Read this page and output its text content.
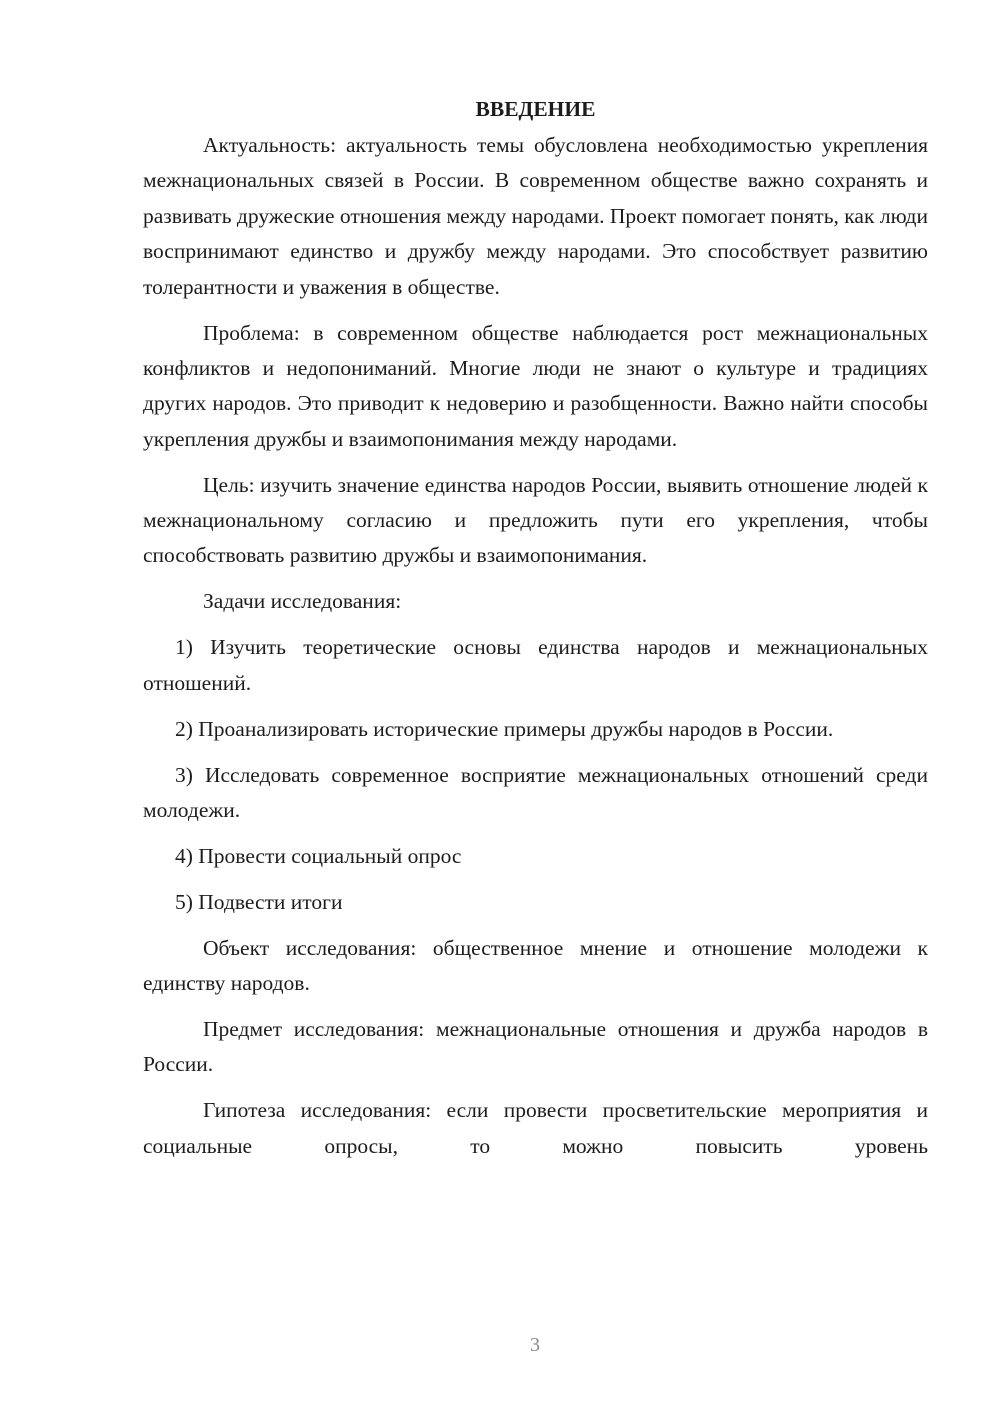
ВВЕДЕНИЕ

Актуальность: актуальность темы обусловлена необходимостью укрепления межнациональных связей в России. В современном обществе важно сохранять и развивать дружеские отношения между народами. Проект помогает понять, как люди воспринимают единство и дружбу между народами. Это способствует развитию толерантности и уважения в обществе.

Проблема: в современном обществе наблюдается рост межнациональных конфликтов и недопониманий. Многие люди не знают о культуре и традициях других народов. Это приводит к недоверию и разобщенности. Важно найти способы укрепления дружбы и взаимопонимания между народами.

Цель: изучить значение единства народов России, выявить отношение людей к межнациональному согласию и предложить пути его укрепления, чтобы способствовать развитию дружбы и взаимопонимания.

Задачи исследования:

1) Изучить теоретические основы единства народов и межнациональных отношений.

2) Проанализировать исторические примеры дружбы народов в России.

3) Исследовать современное восприятие межнациональных отношений среди молодежи.

4) Провести социальный опрос

5) Подвести итоги

Объект исследования: общественное мнение и отношение молодежи к единству народов.

Предмет исследования: межнациональные отношения и дружба народов в России.

Гипотеза исследования: если провести просветительские мероприятия и социальные опросы, то можно повысить уровень

3
